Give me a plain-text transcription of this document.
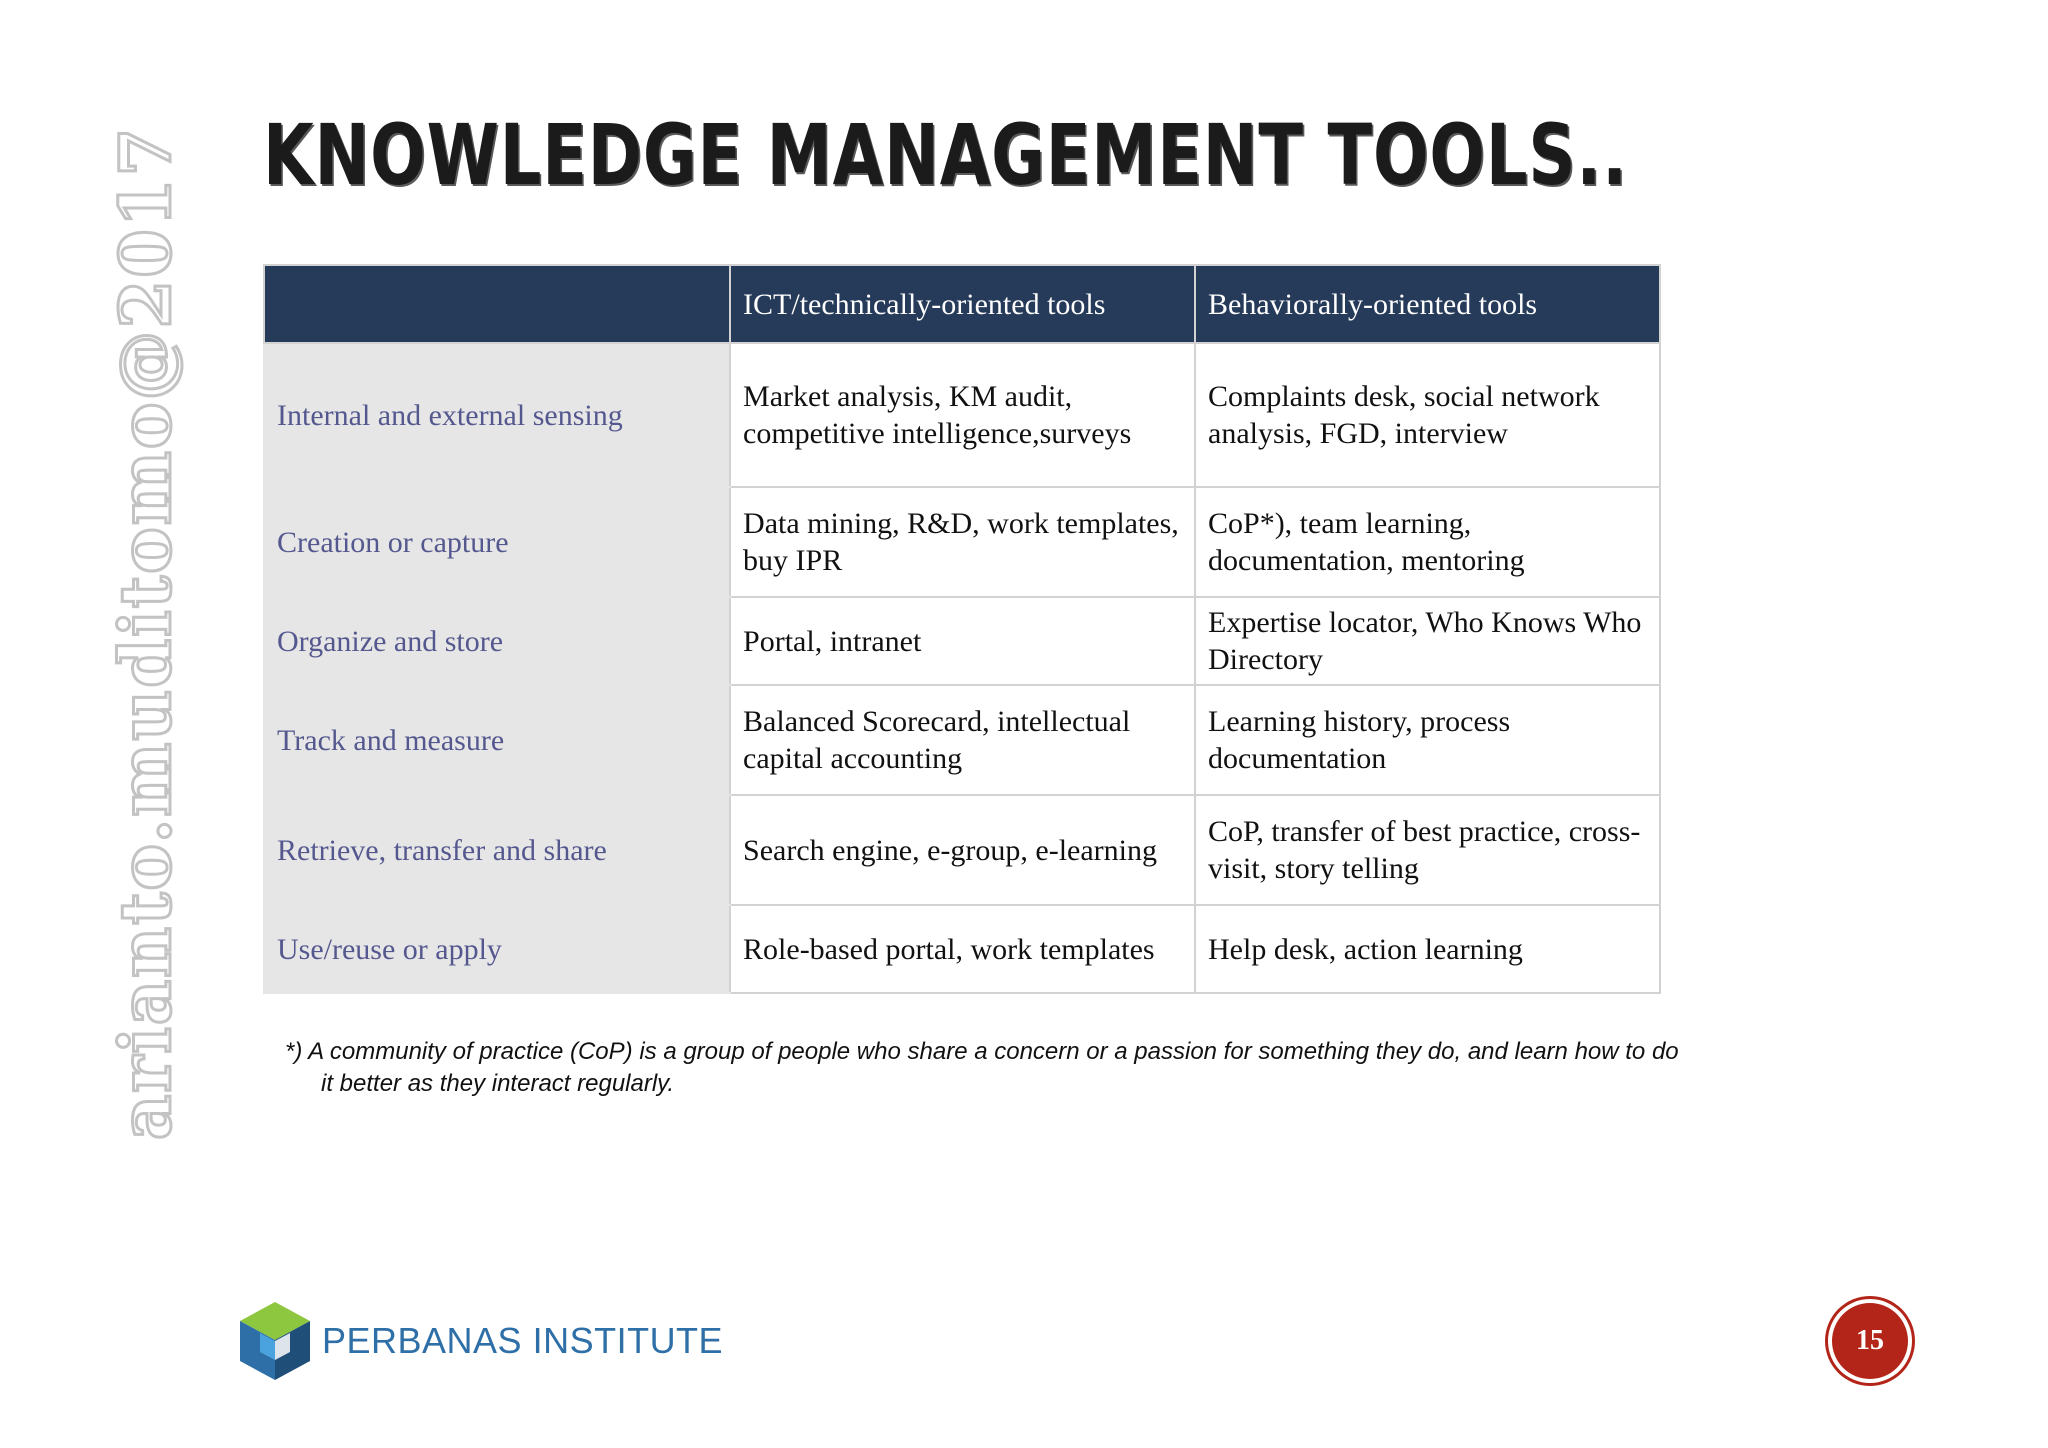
arianto.muditomo@2017 KNOWLEDGE MANAGEMENT TOOLS..
	ICT/technically-oriented tools	Behaviorally-oriented tools
Internal and external sensing	Market analysis, KM audit, competitive intelligence,surveys	Complaints desk, social network analysis, FGD, interview
Creation or capture	Data mining, R&D, work templates, buy IPR	CoP*), team learning, documentation, mentoring
Organize and store	Portal, intranet	Expertise locator, Who Knows Who Directory
Track and measure	Balanced Scorecard, intellectual capital accounting	Learning history, process documentation
Retrieve, transfer and share	Search engine, e-group, e-learning	CoP, transfer of best practice, cross-visit, story telling
Use/reuse or apply	Role-based portal, work templates	Help desk, action learning
*) A community of practice (CoP) is a group of people who share a concern or a passion for something they do, and learn how to do it better as they interact regularly.
PERBANAS INSTITUTE	15
